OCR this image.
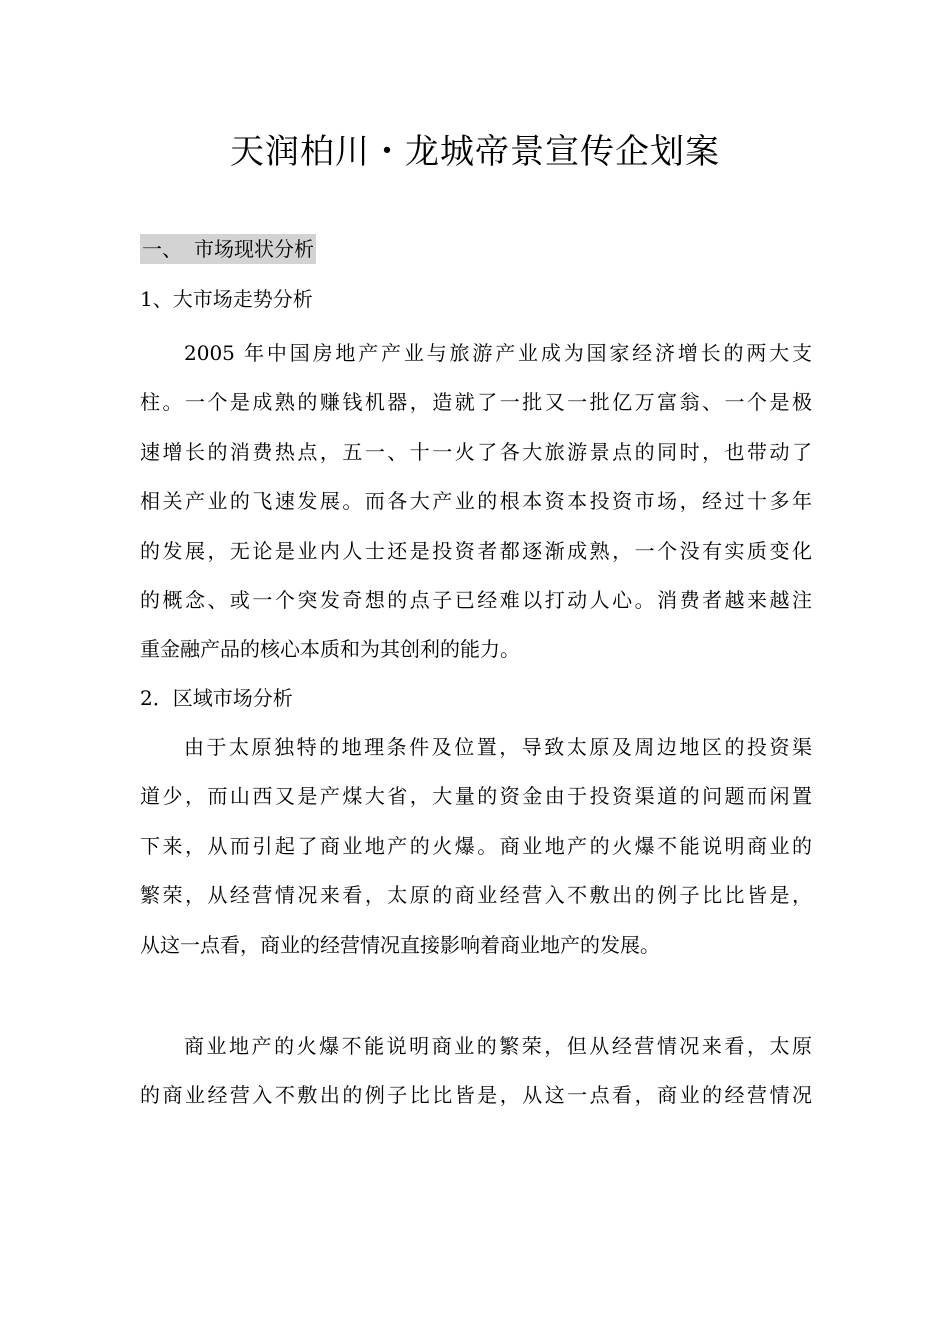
天润柏川・龙城帝景宣传企划案
一、 市场现状分析
1、大市场走势分析
2005 年中国房地产产业与旅游产业成为国家经济增长的两大支
柱。一个是成熟的赚钱机器，造就了一批又一批亿万富翁、一个是极
速增长的消费热点，五一、十一火了各大旅游景点的同时，也带动了
相关产业的飞速发展。而各大产业的根本资本投资市场，经过十多年
的发展，无论是业内人士还是投资者都逐渐成熟，一个没有实质变化
的概念、或一个突发奇想的点子已经难以打动人心。消费者越来越注
重金融产品的核心本质和为其创利的能力。
2．区域市场分析
由于太原独特的地理条件及位置，导致太原及周边地区的投资渠
道少，而山西又是产煤大省，大量的资金由于投资渠道的问题而闲置
下来，从而引起了商业地产的火爆。商业地产的火爆不能说明商业的
繁荣，从经营情况来看，太原的商业经营入不敷出的例子比比皆是，
从这一点看，商业的经营情况直接影响着商业地产的发展。
商业地产的火爆不能说明商业的繁荣，但从经营情况来看，太原
的商业经营入不敷出的例子比比皆是，从这一点看，商业的经营情况
